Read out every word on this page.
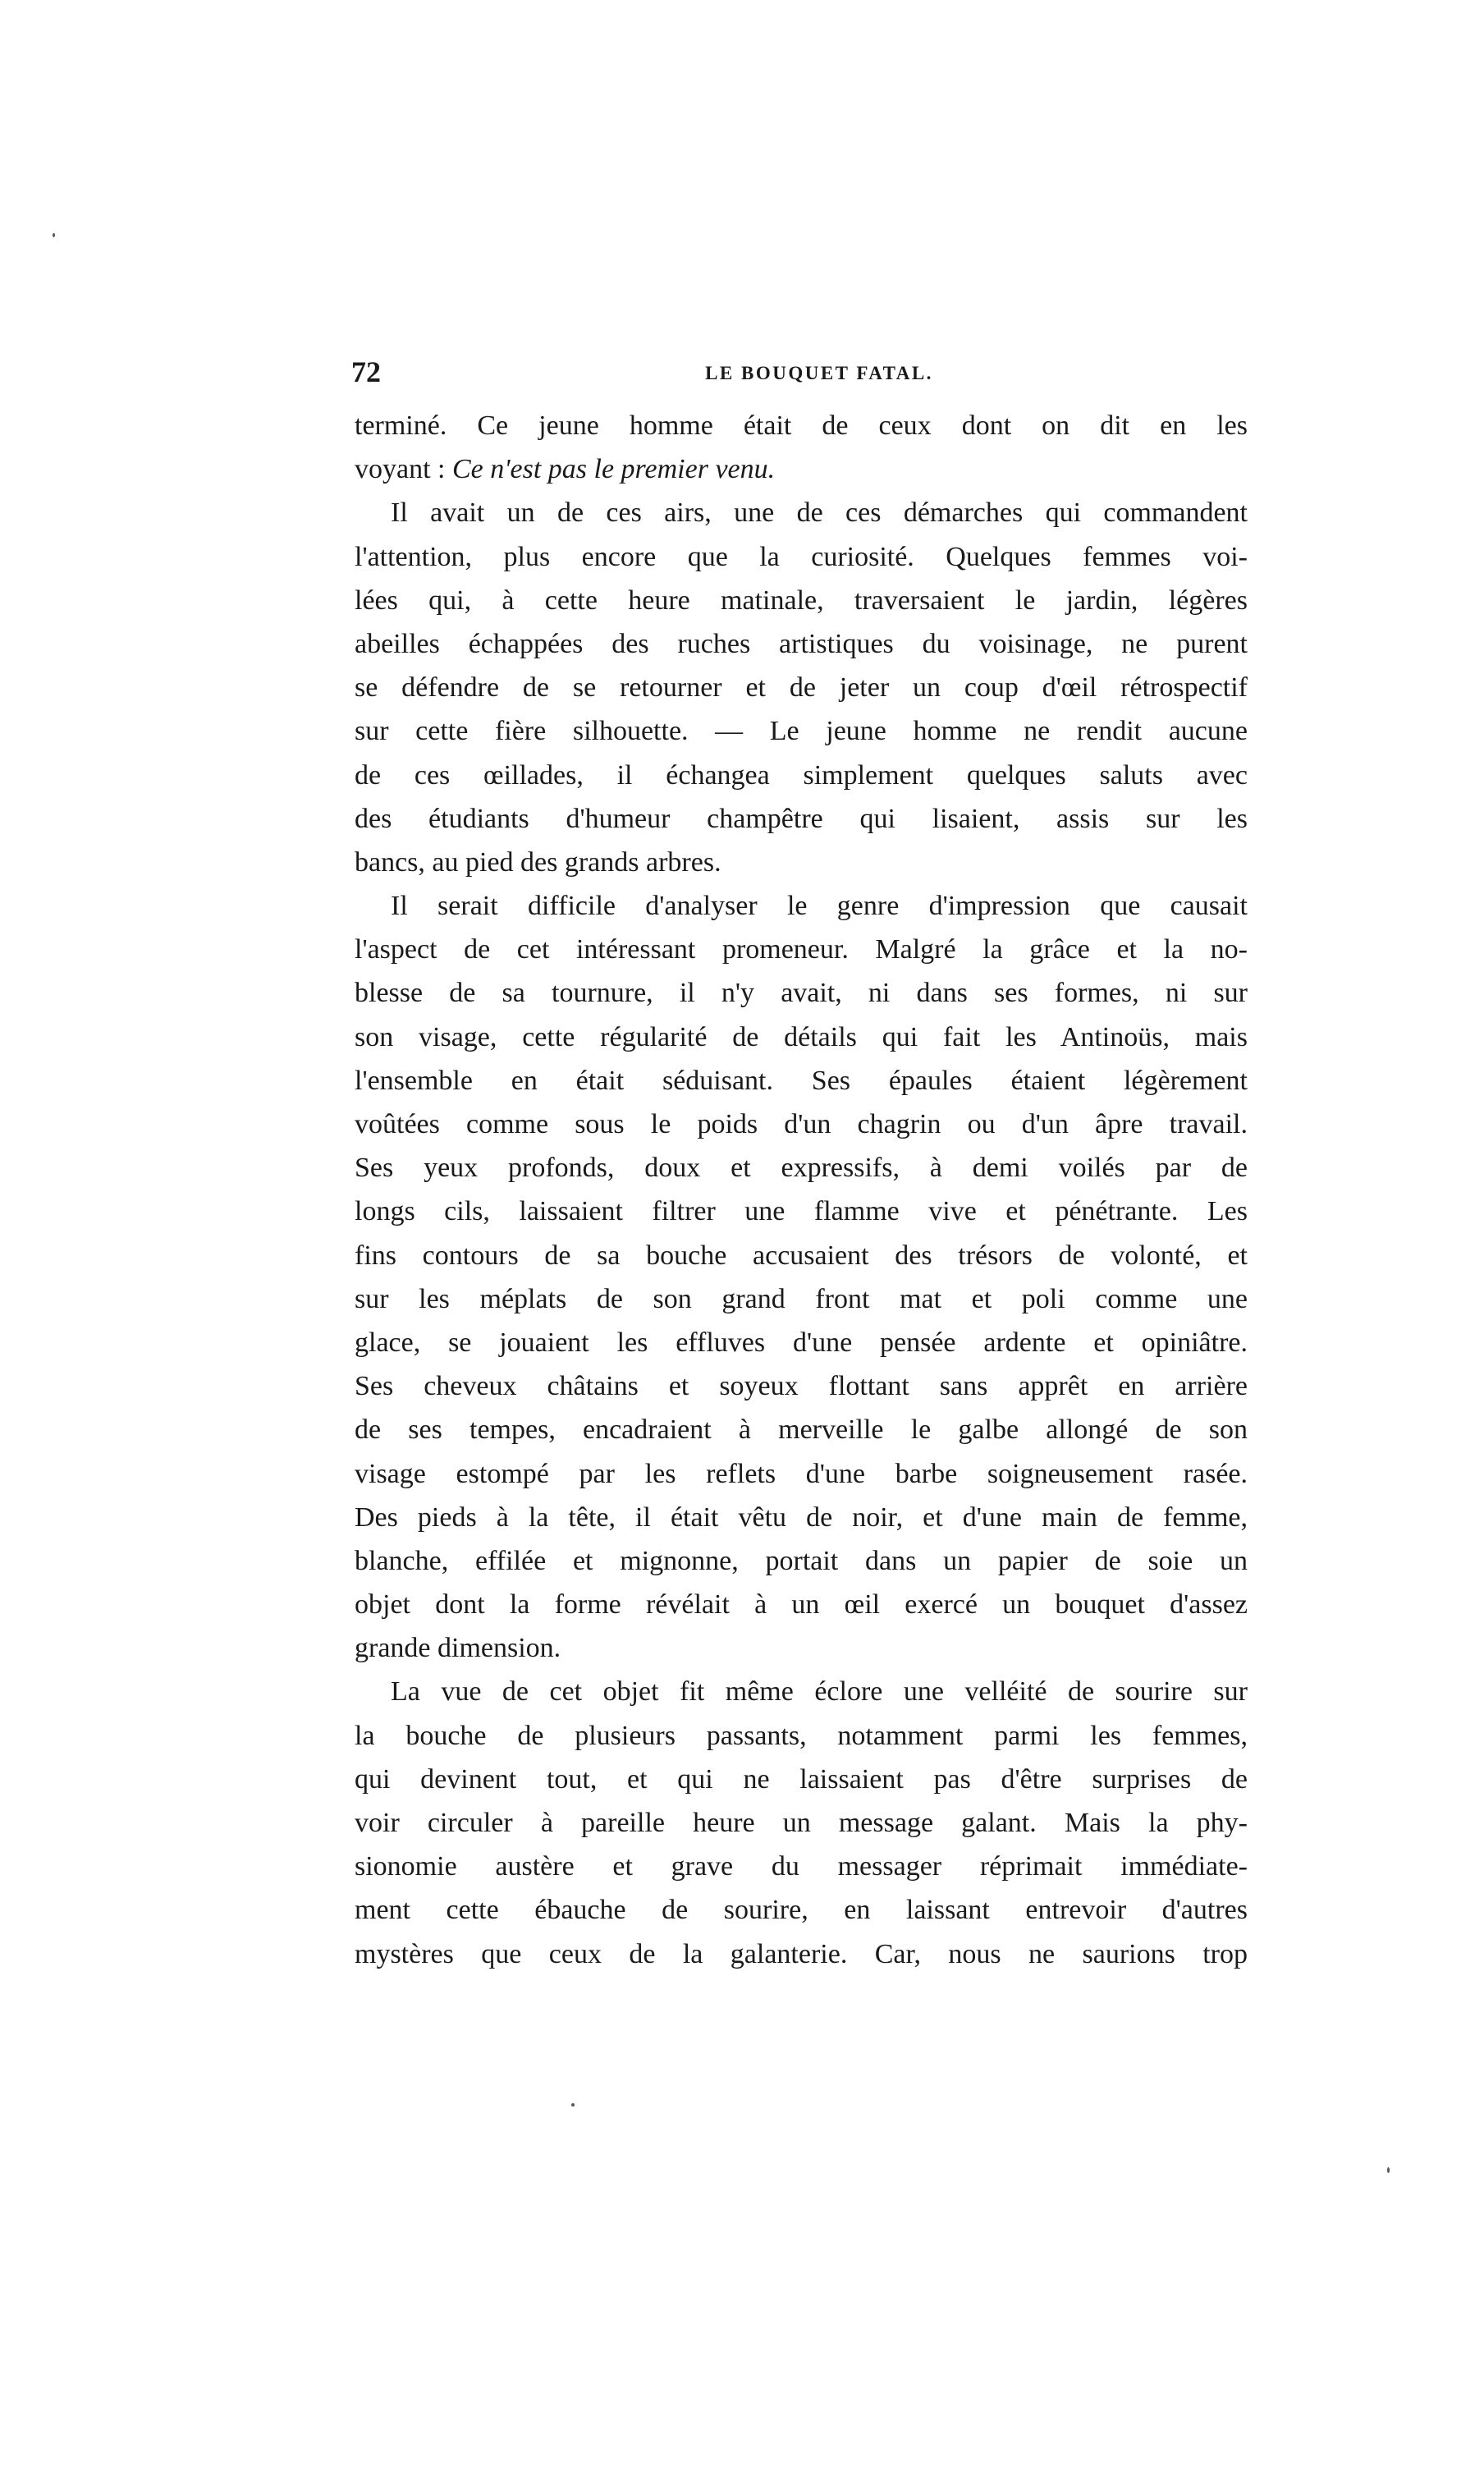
72	LE BOUQUET FATAL.
terminé. Ce jeune homme était de ceux dont on dit en les
voyant : Ce n'est pas le premier venu.
Il avait un de ces airs, une de ces démarches qui commandent
l'attention, plus encore que la curiosité. Quelques femmes voi-
lées qui, à cette heure matinale, traversaient le jardin, légères
abeilles échappées des ruches artistiques du voisinage, ne purent
se défendre de se retourner et de jeter un coup d'œil rétrospectif
sur cette fière silhouette. — Le jeune homme ne rendit aucune
de ces œillades, il échangea simplement quelques saluts avec
des étudiants d'humeur champêtre qui lisaient, assis sur les
bancs, au pied des grands arbres.
Il serait difficile d'analyser le genre d'impression que causait
l'aspect de cet intéressant promeneur. Malgré la grâce et la no-
blesse de sa tournure, il n'y avait, ni dans ses formes, ni sur
son visage, cette régularité de détails qui fait les Antinoüs, mais
l'ensemble en était séduisant. Ses épaules étaient légèrement
voûtées comme sous le poids d'un chagrin ou d'un âpre travail.
Ses yeux profonds, doux et expressifs, à demi voilés par de
longs cils, laissaient filtrer une flamme vive et pénétrante. Les
fins contours de sa bouche accusaient des trésors de volonté, et
sur les méplats de son grand front mat et poli comme une
glace, se jouaient les effluves d'une pensée ardente et opiniâtre.
Ses cheveux châtains et soyeux flottant sans apprêt en arrière
de ses tempes, encadraient à merveille le galbe allongé de son
visage estompé par les reflets d'une barbe soigneusement rasée.
Des pieds à la tête, il était vêtu de noir, et d'une main de femme,
blanche, effilée et mignonne, portait dans un papier de soie un
objet dont la forme révélait à un œil exercé un bouquet d'assez
grande dimension.
La vue de cet objet fit même éclore une velléité de sourire sur
la bouche de plusieurs passants, notamment parmi les femmes,
qui devinent tout, et qui ne laissaient pas d'être surprises de
voir circuler à pareille heure un message galant. Mais la phy-
sionomie austère et grave du messager réprimait immédiate-
ment cette ébauche de sourire, en laissant entrevoir d'autres
mystères que ceux de la galanterie. Car, nous ne saurions trop
